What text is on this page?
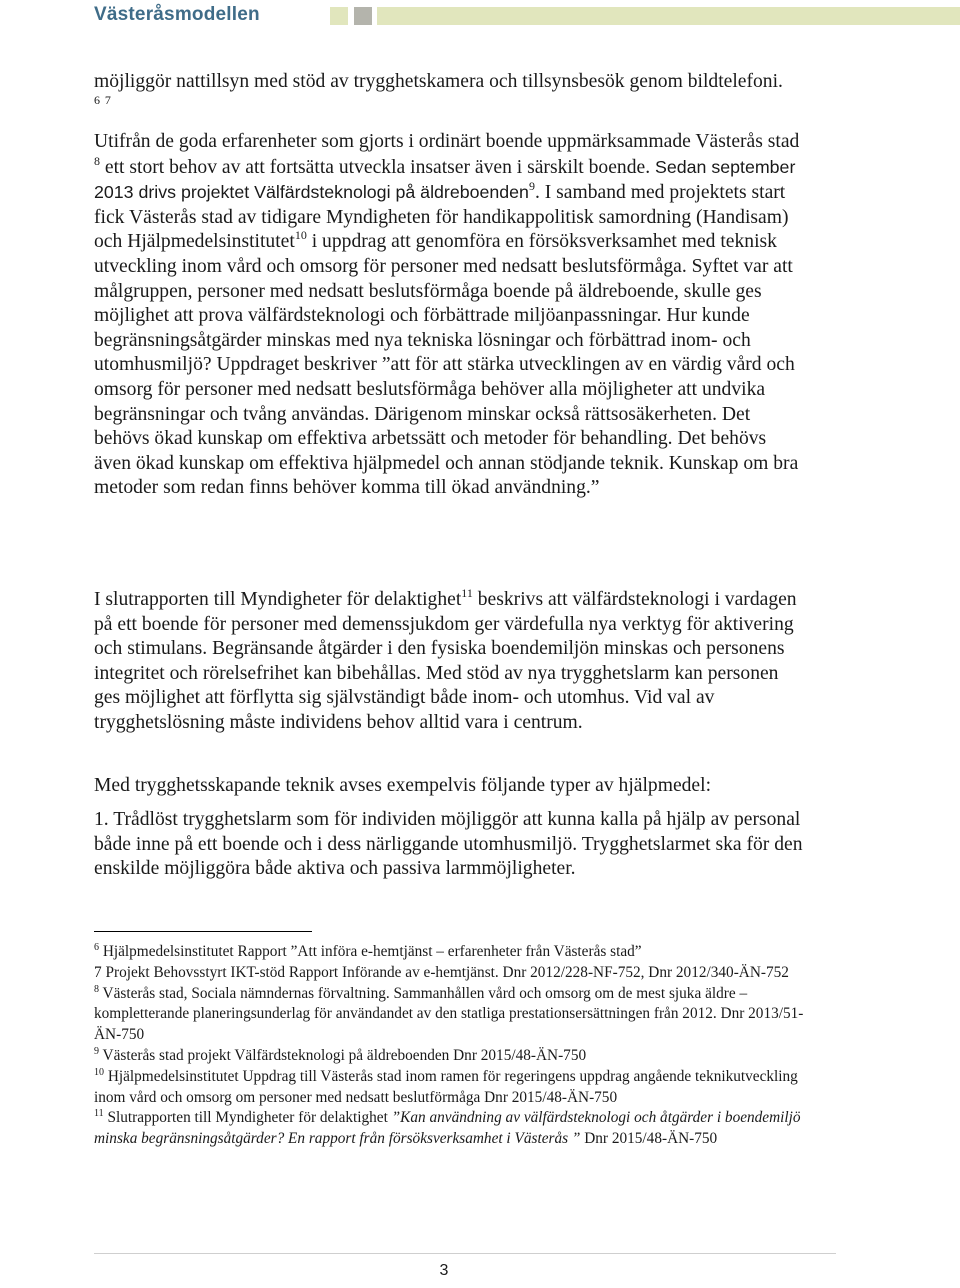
Västeråsmodellen

möjliggör nattillsyn med stöd av trygghetskamera och tillsynsbesök genom bildtelefoni. $^6$ $^7$

Utifrån de goda erfarenheter som gjorts i ordinärt boende uppmärksammade Västerås stad $^8$ ett stort behov av att fortsätta utveckla insatser även i särskilt boende. Sedan september 2013 drivs projektet Välfärdsteknologi på äldreboenden$^9$. I samband med projektets start fick Västerås stad av tidigare Myndigheten för handikappolitisk samordning (Handisam) och Hjälpmedelsinstitutet$^{10}$ i uppdrag att genomföra en försöksverksamhet med teknisk utveckling inom vård och omsorg för personer med nedsatt beslutsförmåga. Syftet var att målgruppen, personer med nedsatt beslutsförmåga boende på äldreboende, skulle ges möjlighet att prova välfärdsteknologi och förbättrade miljöanpassningar. Hur kunde begränsningsåtgärder minskas med nya tekniska lösningar och förbättrad inom- och utomhusmiljö? Uppdraget beskriver ”att för att stärka utvecklingen av en värdig vård och omsorg för personer med nedsatt beslutsförmåga behöver alla möjligheter att undvika begränsningar och tvång användas. Därigenom minskar också rättsosäkerheten. Det behövs ökad kunskap om effektiva arbetssätt och metoder för behandling. Det behövs även ökad kunskap om effektiva hjälpmedel och annan stödjande teknik. Kunskap om bra metoder som redan finns behöver komma till ökad användning.”

I slutrapporten till Myndigheter för delaktighet$^{11}$ beskrivs att välfärdsteknologi i vardagen på ett boende för personer med demenssjukdom ger värdefulla nya verktyg för aktivering och stimulans. Begränsande åtgärder i den fysiska boendemiljön minskas och personens integritet och rörelsefrihet kan bibehållas. Med stöd av nya trygghetslarm kan personen ges möjlighet att förflytta sig självständigt både inom- och utomhus. Vid val av trygghetslösning måste individens behov alltid vara i centrum.

Med trygghetsskapande teknik avses exempelvis följande typer av hjälpmedel:

1. Trådlöst trygghetslarm som för individen möjliggör att kunna kalla på hjälp av personal både inne på ett boende och i dess närliggande utomhusmiljö. Trygghetslarmet ska för den enskilde möjliggöra både aktiva och passiva larmmöjligheter.

$^6$ Hjälpmedelsinstitutet Rapport ”Att införa e-hemtjänst – erfarenheter från Västerås stad”

7 Projekt Behovsstyrt IKT-stöd Rapport Införande av e-hemtjänst. Dnr 2012/228-NF-752, Dnr 2012/340-ÄN-752

$^8$ Västerås stad, Sociala nämndernas förvaltning. Sammanhållen vård och omsorg om de mest sjuka äldre – kompletterande planeringsunderlag för användandet av den statliga prestationsersättningen från 2012. Dnr 2013/51-ÄN-750

$^9$ Västerås stad projekt Välfärdsteknologi på äldreboenden Dnr 2015/48-ÄN-750

$^{10}$ Hjälpmedelsinstitutet Uppdrag till Västerås stad inom ramen för regeringens uppdrag angående teknikutveckling inom vård och omsorg om personer med nedsatt beslutförmåga Dnr 2015/48-ÄN-750

$^{11}$ Slutrapporten till Myndigheter för delaktighet ”Kan användning av välfärdsteknologi och åtgärder i boendemiljö minska begränsningsåtgärder? En rapport från försöksverksamhet i Västerås ” Dnr 2015/48-ÄN-750

3
